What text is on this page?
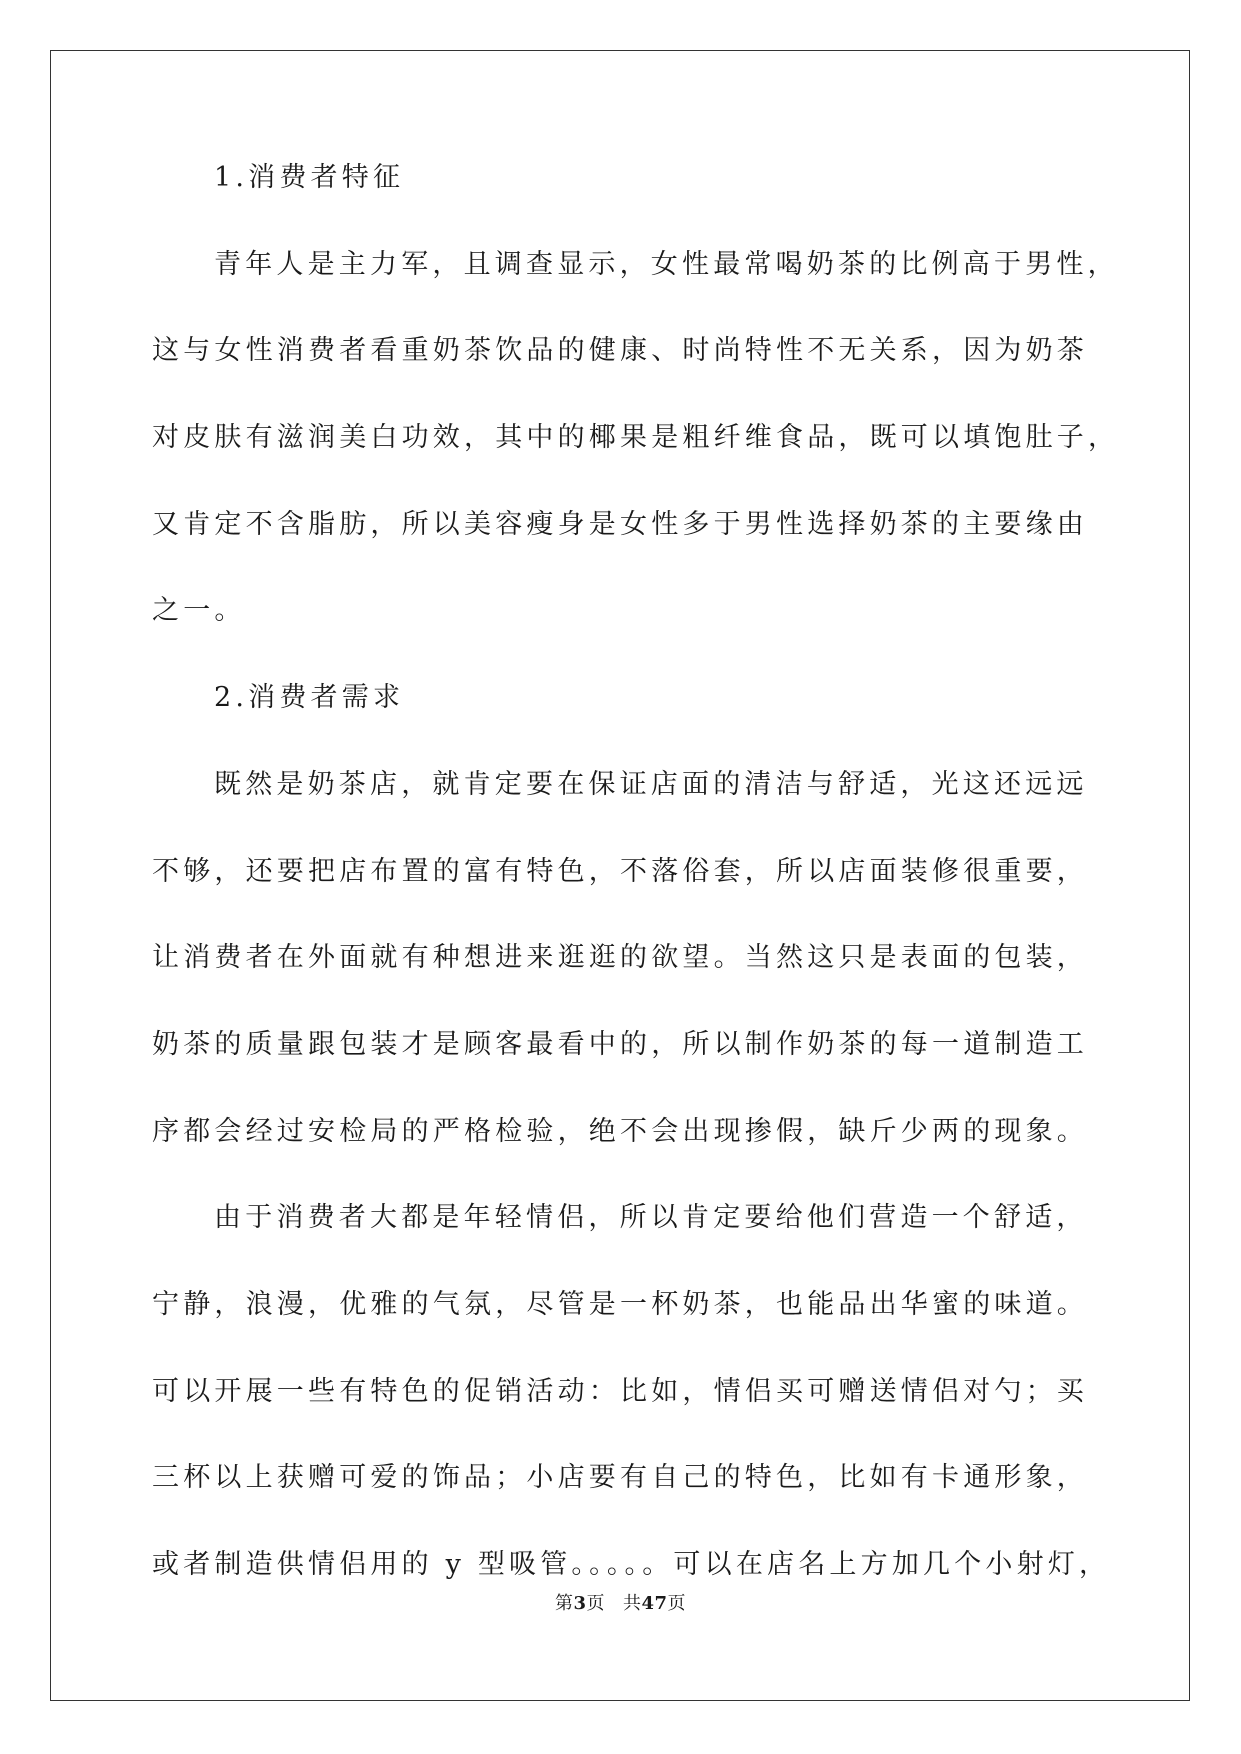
1.消费者特征
青年人是主力军，且调查显示，女性最常喝奶茶的比例高于男性，
这与女性消费者看重奶茶饮品的健康、时尚特性不无关系，因为奶茶
对皮肤有滋润美白功效，其中的椰果是粗纤维食品，既可以填饱肚子，
又肯定不含脂肪，所以美容瘦身是女性多于男性选择奶茶的主要缘由
之一。
2.消费者需求
既然是奶茶店，就肯定要在保证店面的清洁与舒适，光这还远远
不够，还要把店布置的富有特色，不落俗套，所以店面装修很重要，
让消费者在外面就有种想进来逛逛的欲望。当然这只是表面的包装，
奶茶的质量跟包装才是顾客最看中的，所以制作奶茶的每一道制造工
序都会经过安检局的严格检验，绝不会出现掺假，缺斤少两的现象。
由于消费者大都是年轻情侣，所以肯定要给他们营造一个舒适，
宁静，浪漫，优雅的气氛，尽管是一杯奶茶，也能品出华蜜的味道。
可以开展一些有特色的促销活动：比如，情侣买可赠送情侣对勺；买
三杯以上获赠可爱的饰品；小店要有自己的特色，比如有卡通形象，
或者制造供情侣用的 y 型吸管。。。。。可以在店名上方加几个小射灯，
第3页 共47页
